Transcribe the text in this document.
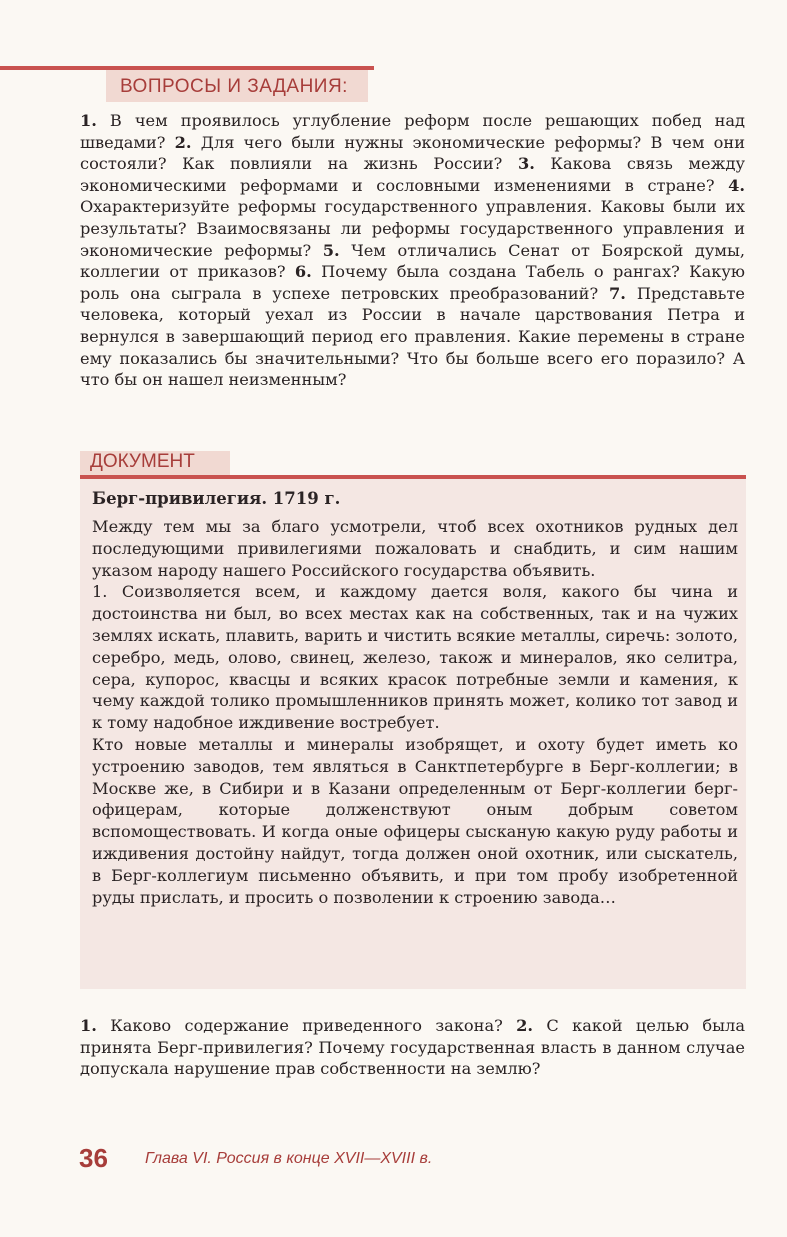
ВОПРОСЫ И ЗАДАНИЯ:
1. В чем проявилось углубление реформ после решающих побед над шведами? 2. Для чего были нужны экономические реформы? В чем они состояли? Как повлияли на жизнь России? 3. Какова связь между экономическими реформами и сословными изменениями в стране? 4. Охарактеризуйте реформы государственного управления. Каковы были их результаты? Взаимосвязаны ли реформы государственного управления и экономические реформы? 5. Чем отличались Сенат от Боярской думы, коллегии от приказов? 6. Почему была создана Табель о рангах? Какую роль она сыграла в успехе петровских преобразований? 7. Представьте человека, который уехал из России в начале царствования Петра и вернулся в завершающий период его правления. Какие перемены в стране ему показались бы значительными? Что бы больше всего его поразило? А что бы он нашел неизменным?
ДОКУМЕНТ
Берг-привилегия. 1719 г.

Между тем мы за благо усмотрели, чтоб всех охотников рудных дел последующими привилегиями пожаловать и снабдить, и сим нашим указом народу нашего Российского государства объявить.

1. Соизволяется всем, и каждому дается воля, какого бы чина и достоинства ни был, во всех местах как на собственных, так и на чужих землях искать, плавить, варить и чистить всякие металлы, сиречь: золото, серебро, медь, олово, свинец, железо, також и минералов, яко селитра, сера, купорос, квасцы и всяких красок потребные земли и камения, к чему каждой толико промышленников принять может, колико тот завод и к тому надобное иждивение востребует.

Кто новые металлы и минералы изобрящет, и охоту будет иметь ко устроению заводов, тем являться в Санктпетербурге в Берг-коллегии; в Москве же, в Сибири и в Казани определенным от Берг-коллегии берг-офицерам, которые долженствуют оным добрым советом вспомоществовать. И когда оные офицеры сысканую какую руду работы и иждивения достойну найдут, тогда должен оной охотник, или сыскатель, в Берг-коллегиум письменно объявить, и при том пробу изобретенной руды прислать, и просить о позволении к строению завода…

1. Каково содержание приведенного закона? 2. С какой целью была принята Берг-привилегия? Почему государственная власть в данном случае допускала нарушение прав собственности на землю?
36 Глава VI. Россия в конце XVII—XVIII в.
